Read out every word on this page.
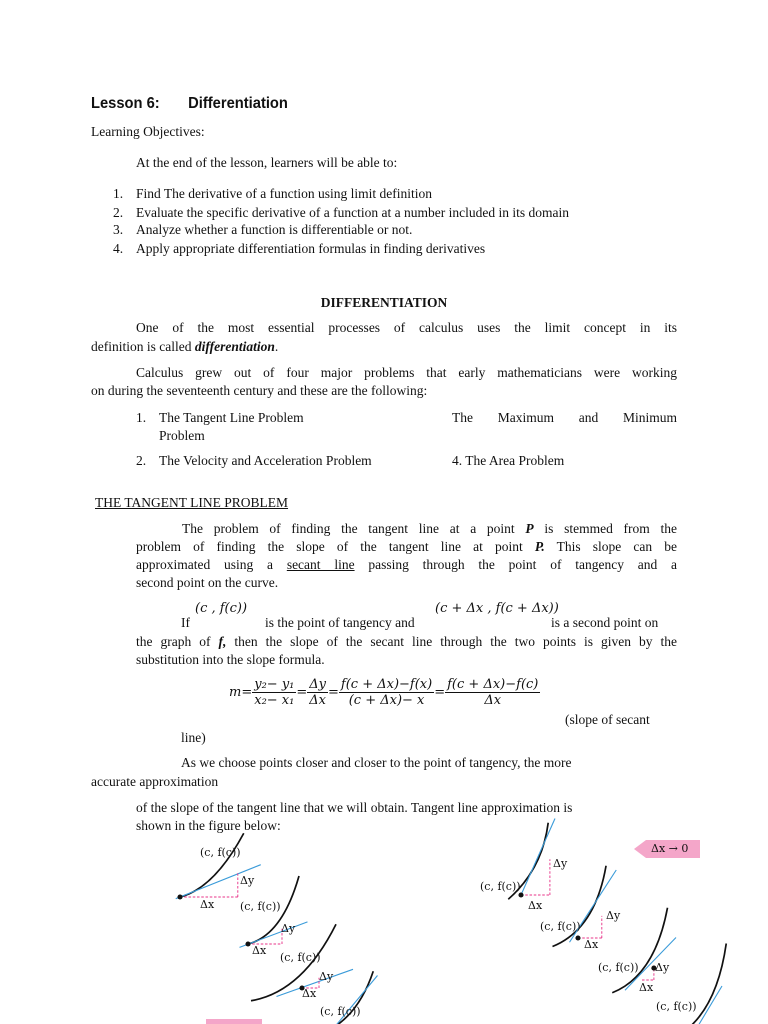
Lesson 6: Differentiation
Learning Objectives:
At the end of the lesson, learners will be able to:
1. Find The derivative of a function using limit definition
2. Evaluate the specific derivative of a function at a number included in its domain
3. Analyze whether a function is differentiable or not.
4. Apply appropriate differentiation formulas in finding derivatives
DIFFERENTIATION
One of the most essential processes of calculus uses the limit concept in its
definition is called differentiation.
Calculus grew out of four major problems that early mathematicians were working
on during the seventeenth century and these are the following:
1. The Tangent Line Problem
2. The Velocity and Acceleration Problem
The Maximum and Minimum
Problem
4. The Area Problem
THE TANGENT LINE PROBLEM
The problem of finding the tangent line at a point P is stemmed from the
problem of finding the slope of the tangent line at point P. This slope can be
approximated using a secant line passing through the point of tangency and a
second point on the curve.
If
(c , f(c))
is the point of tangency and
(c + Δx , f(c + Δx))
is a second point on
the graph of f, then the slope of the secant line through the two points is given by the
substitution into the slope formula.
$m= \frac{\text{y₂− y₁}}{\text{x₂− x₁}} = \frac{\Delta y}{\Delta x} = \frac{f(c + \Delta x)-f(x)}{(c + \Delta x)- x} = \frac{f(c + \Delta x)-f(c)}{\Delta x}$
(slope of secant
line)
As we choose points closer and closer to the point of tangency, the more
accurate approximation
of the slope of the tangent line that we will obtain. Tangent line approximation is
shown in the figure below:
(c, f(c))
Δy
Δx (c, f(c))
Δy
Δx
(c, f(c))
Δy
Δx
(c, f(c))
(c, f(c))
Δy
Δx
(c, f(c))
Δy
Δx
(c, f(c)) Δy
Δx
(c, f(c))
Δx → 0
